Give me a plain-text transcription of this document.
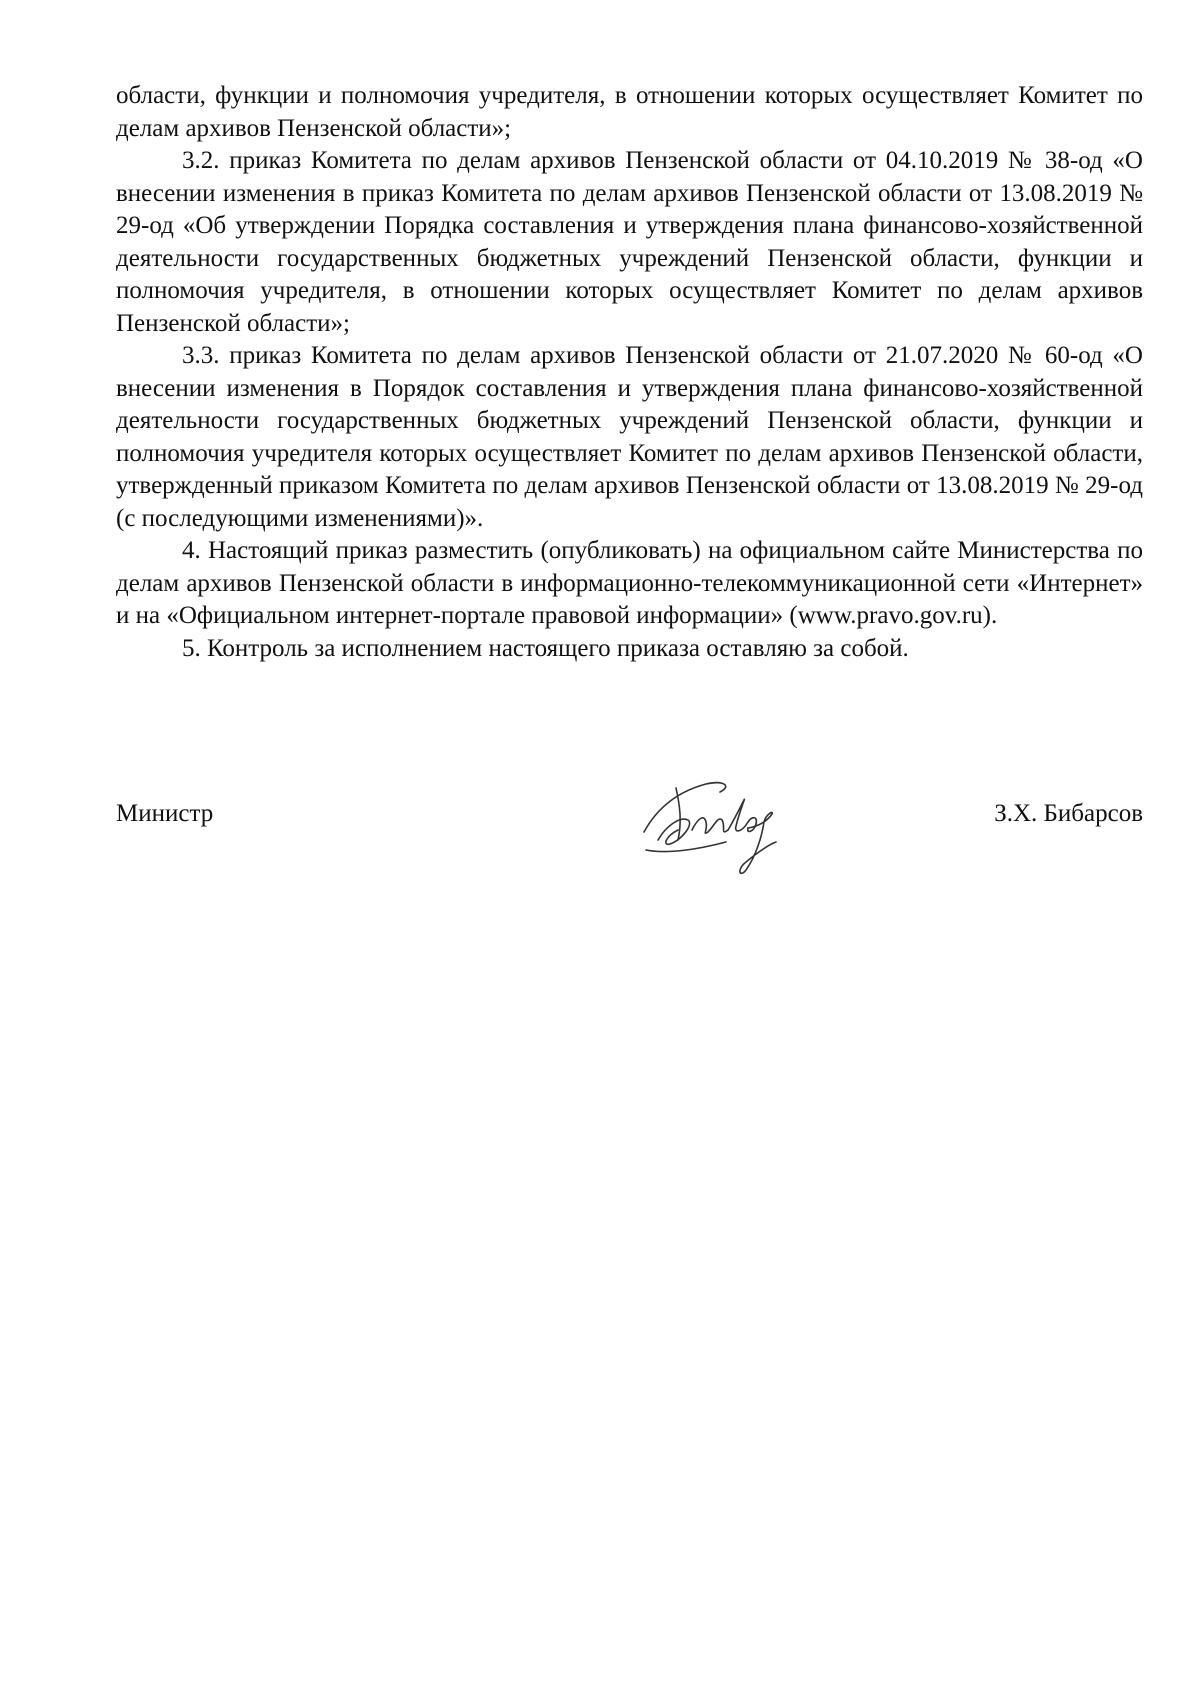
области, функции и полномочия учредителя, в отношении которых осуществляет Комитет по делам архивов Пензенской области»;

3.2. приказ Комитета по делам архивов Пензенской области от 04.10.2019 № 38-од «О внесении изменения в приказ Комитета по делам архивов Пензенской области от 13.08.2019 № 29-од «Об утверждении Порядка составления и утверждения плана финансово-хозяйственной деятельности государственных бюджетных учреждений Пензенской области, функции и полномочия учредителя, в отношении которых осуществляет Комитет по делам архивов Пензенской области»;

3.3. приказ Комитета по делам архивов Пензенской области от 21.07.2020 № 60-од «О внесении изменения в Порядок составления и утверждения плана финансово-хозяйственной деятельности государственных бюджетных учреждений Пензенской области, функции и полномочия учредителя которых осуществляет Комитет по делам архивов Пензенской области, утвержденный приказом Комитета по делам архивов Пензенской области от 13.08.2019 № 29-од (с последующими изменениями)».

4. Настоящий приказ разместить (опубликовать) на официальном сайте Министерства по делам архивов Пензенской области в информационно-телекоммуникационной сети «Интернет» и на «Официальном интернет-портале правовой информации» (www.pravo.gov.ru).

5. Контроль за исполнением настоящего приказа оставляю за собой.

Министр	З.Х. Бибарсов
